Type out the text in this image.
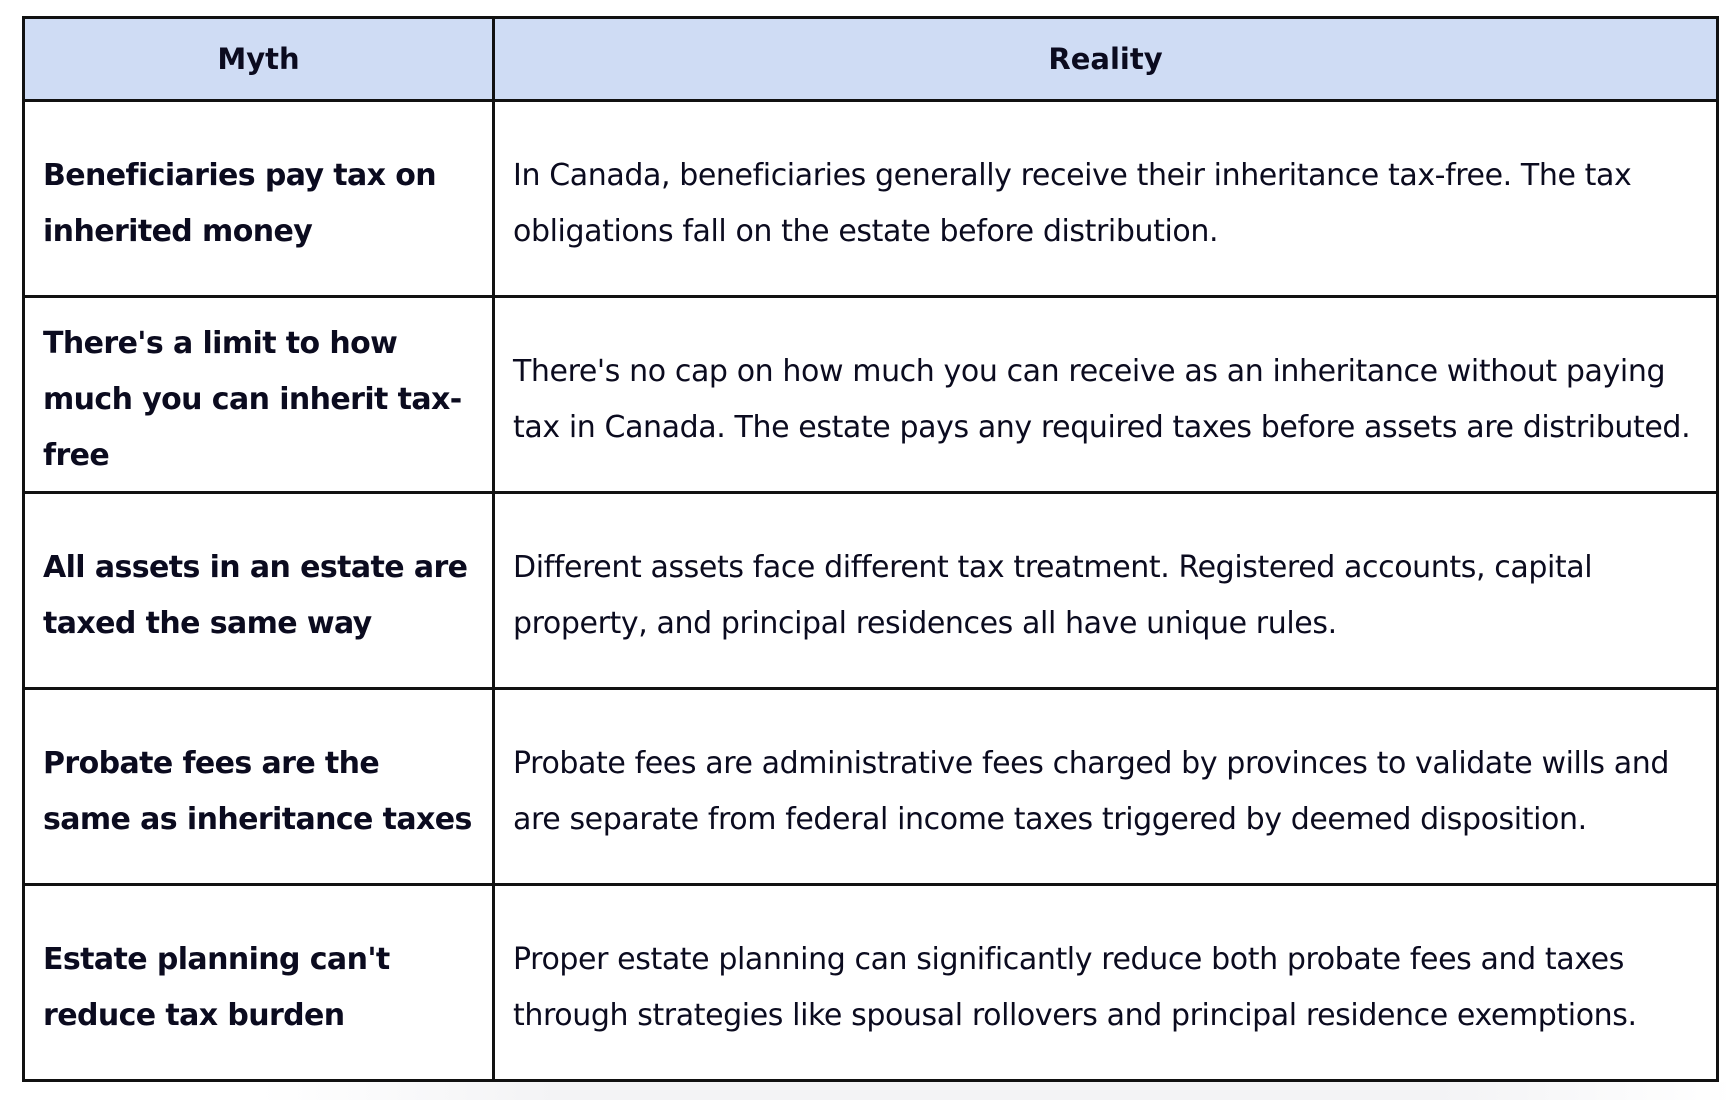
Myth	Reality
Beneficiaries pay tax on inherited money	In Canada, beneficiaries generally receive their inheritance tax-free. The tax obligations fall on the estate before distribution.
There's a limit to how much you can inherit tax-free	There's no cap on how much you can receive as an inheritance without paying tax in Canada. The estate pays any required taxes before assets are distributed.
All assets in an estate are taxed the same way	Different assets face different tax treatment. Registered accounts, capital property, and principal residences all have unique rules.
Probate fees are the same as inheritance taxes	Probate fees are administrative fees charged by provinces to validate wills and are separate from federal income taxes triggered by deemed disposition.
Estate planning can't reduce tax burden	Proper estate planning can significantly reduce both probate fees and taxes through strategies like spousal rollovers and principal residence exemptions.
